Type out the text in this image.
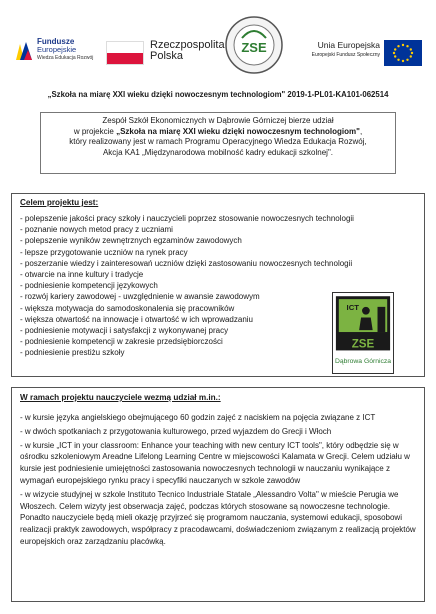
Fundusze
Europejskie
Wiedza Edukacja Rozwój
Rzeczpospolita
Polska
ZSE	Unia Europejska
Europejski Fundusz Społeczny
„Szkoła na miarę XXI wieku dzięki nowoczesnym technologiom" 2019-1-PL01-KA101-062514
Zespół Szkół Ekonomicznych w Dąbrowie Górniczej bierze udział
w projekcie „Szkoła na miarę XXI wieku dzięki nowoczesnym technologiom",
który realizowany jest w ramach Programu Operacyjnego Wiedza Edukacja Rozwój,
Akcja KA1 „Międzynarodowa mobilność kadry edukacji szkolnej".
Celem projektu jest:
- polepszenie jakości pracy szkoły i nauczycieli poprzez stosowanie nowoczesnych technologii
- poznanie nowych metod pracy z uczniami
- polepszenie wyników zewnętrznych egzaminów zawodowych
- lepsze przygotowanie uczniów na rynek pracy
- poszerzanie wiedzy i zainteresowań uczniów dzięki zastosowaniu nowoczesnych technologii
- otwarcie na inne kultury i tradycje
- podniesienie kompetencji językowych
- rozwój kariery zawodowej - uwzględnienie w awansie zawodowym
- większa motywacja do samodoskonalenia się pracowników
- większa otwartość na innowacje i otwartość w ich wprowadzaniu
- podniesienie motywacji i satysfakcji z wykonywanej pracy
- podniesienie kompetencji w zakresie przedsiębiorczości
- podniesienie prestiżu szkoły
ICT
ZSE
Dąbrowa Górnicza
W ramach projektu nauczyciele wezmą udział m.in.:
- w kursie języka angielskiego obejmującego 60 godzin zajęć z naciskiem na pojęcia związane z ICT
- w dwóch spotkaniach z przygotowania kulturowego, przed wyjazdem do Grecji i Włoch
- w kursie „ICT in your classroom: Enhance your teaching with new century ICT tools", który odbędzie się w ośrodku szkoleniowym Areadne Lifelong Learning Centre w miejscowości Kalamata w Grecji. Celem udziału w kursie jest podniesienie umiejętności zastosowania nowoczesnych technologii w nauczaniu wynikające z wymagań europejskiego rynku pracy i specyfiki nauczanych w szkole zawodów
- w wizycie studyjnej w szkole Instituto Tecnico Industriale Statale „Alessandro Volta" w mieście Perugia we Włoszech. Celem wizyty jest obserwacja zajęć, podczas których stosowane są nowoczesne technologie. Ponadto nauczyciele będą mieli okazję przyjrzeć się programom nauczania, systemowi edukacji, sposobowi realizacji praktyk zawodowych, współpracy z pracodawcami, doświadczeniom związanym z realizacją projektów europejskich oraz zarządzaniu placówką.
